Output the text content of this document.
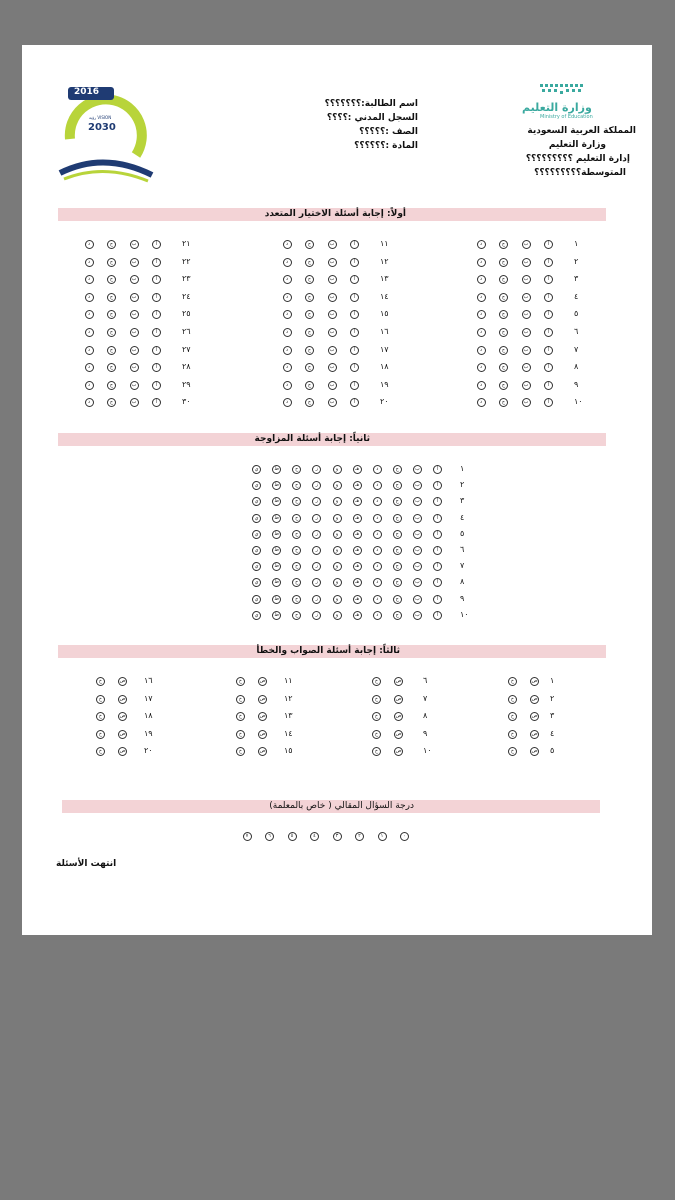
وزارة التعليم
Ministry of Education
المملكة العربية السعودية
وزارة التعليم
إدارة التعليم ؟؟؟؟؟؟؟؟؟
المتوسطة؟؟؟؟؟؟؟؟؟
اسم الطالبة:؟؟؟؟؟؟؟
السجل المدني :؟؟؟؟
الصف :؟؟؟؟؟
المادة :؟؟؟؟؟؟
2016
2030
VISION رؤية
أولاً: إجابة أسئلة الاختيار المتعدد
ثانياً: إجابة أسئلة المزاوجة
ثالثاً: إجابة أسئلة الصواب والخطأ
درجة السؤال المقالي ( خاص بالمعلمة)
انتهت الأسئلة
١
أ
ب
ج
د
٢
أ
ب
ج
د
٣
أ
ب
ج
د
٤
أ
ب
ج
د
٥
أ
ب
ج
د
٦
أ
ب
ج
د
٧
أ
ب
ج
د
٨
أ
ب
ج
د
٩
أ
ب
ج
د
١٠
أ
ب
ج
د
١١
أ
ب
ج
د
١٢
أ
ب
ج
د
١٣
أ
ب
ج
د
١٤
أ
ب
ج
د
١٥
أ
ب
ج
د
١٦
أ
ب
ج
د
١٧
أ
ب
ج
د
١٨
أ
ب
ج
د
١٩
أ
ب
ج
د
٢٠
أ
ب
ج
د
٢١
أ
ب
ج
د
٢٢
أ
ب
ج
د
٢٣
أ
ب
ج
د
٢٤
أ
ب
ج
د
٢٥
أ
ب
ج
د
٢٦
أ
ب
ج
د
٢٧
أ
ب
ج
د
٢٨
أ
ب
ج
د
٢٩
أ
ب
ج
د
٣٠
أ
ب
ج
د
١
أ
ب
ج
د
هـ
و
ز
ح
ط
ي
٢
أ
ب
ج
د
هـ
و
ز
ح
ط
ي
٣
أ
ب
ج
د
هـ
و
ز
ح
ط
ي
٤
أ
ب
ج
د
هـ
و
ز
ح
ط
ي
٥
أ
ب
ج
د
هـ
و
ز
ح
ط
ي
٦
أ
ب
ج
د
هـ
و
ز
ح
ط
ي
٧
أ
ب
ج
د
هـ
و
ز
ح
ط
ي
٨
أ
ب
ج
د
هـ
و
ز
ح
ط
ي
٩
أ
ب
ج
د
هـ
و
ز
ح
ط
ي
١٠
أ
ب
ج
د
هـ
و
ز
ح
ط
ي
١
ص
خ
٢
ص
خ
٣
ص
خ
٤
ص
خ
٥
ص
خ
٦
ص
خ
٧
ص
خ
٨
ص
خ
٩
ص
خ
١٠
ص
خ
١١
ص
خ
١٢
ص
خ
١٣
ص
خ
١٤
ص
خ
١٥
ص
خ
١٦
ص
خ
١٧
ص
خ
١٨
ص
خ
١٩
ص
خ
٢٠
ص
خ
٠
١
٢
٣
٤
٥
٦
٧
